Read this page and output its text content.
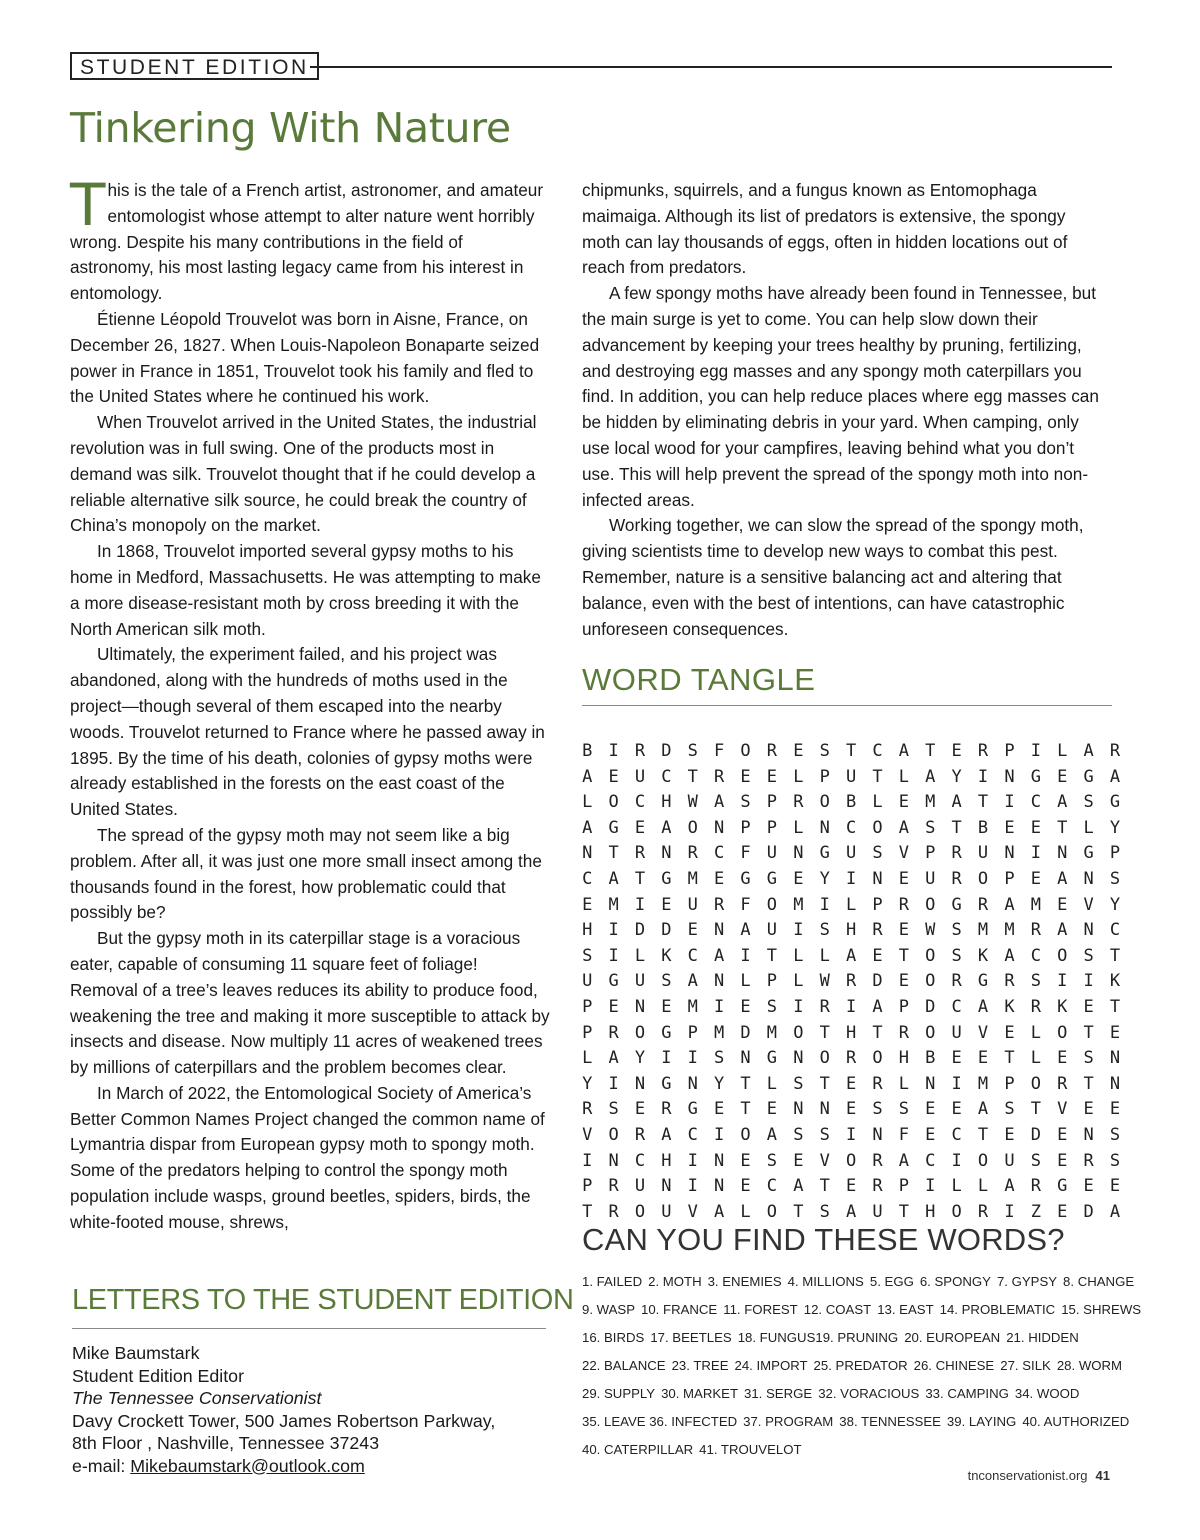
STUDENT EDITION
Tinkering With Nature

This is the tale of a French artist, astronomer, and amateur entomologist whose attempt to alter nature went horribly wrong. Despite his many contributions in the field of astronomy, his most lasting legacy came from his interest in entomology.

Étienne Léopold Trouvelot was born in Aisne, France, on December 26, 1827. When Louis-Napoleon Bonaparte seized power in France in 1851, Trouvelot took his family and fled to the United States where he continued his work.

When Trouvelot arrived in the United States, the industrial revolution was in full swing. One of the products most in demand was silk. Trouvelot thought that if he could develop a reliable alternative silk source, he could break the country of China’s monopoly on the market.

In 1868, Trouvelot imported several gypsy moths to his home in Medford, Massachusetts. He was attempting to make a more disease-resistant moth by cross breeding it with the North American silk moth.

Ultimately, the experiment failed, and his project was abandoned, along with the hundreds of moths used in the project—though several of them escaped into the nearby woods. Trouvelot returned to France where he passed away in 1895. By the time of his death, colonies of gypsy moths were already established in the forests on the east coast of the United States.

The spread of the gypsy moth may not seem like a big problem. After all, it was just one more small insect among the thousands found in the forest, how problematic could that possibly be?

But the gypsy moth in its caterpillar stage is a voracious eater, capable of consuming 11 square feet of foliage! Removal of a tree’s leaves reduces its ability to produce food, weakening the tree and making it more susceptible to attack by insects and disease. Now multiply 11 acres of weakened trees by millions of caterpillars and the problem becomes clear.

In March of 2022, the Entomological Society of America’s Better Common Names Project changed the common name of Lymantria dispar from European gypsy moth to spongy moth. Some of the predators helping to control the spongy moth population include wasps, ground beetles, spiders, birds, the white-footed mouse, shrews,

chipmunks, squirrels, and a fungus known as Entomophaga maimaiga. Although its list of predators is extensive, the spongy moth can lay thousands of eggs, often in hidden locations out of reach from predators.

A few spongy moths have already been found in Tennessee, but the main surge is yet to come. You can help slow down their advancement by keeping your trees healthy by pruning, fertilizing, and destroying egg masses and any spongy moth caterpillars you find. In addition, you can help reduce places where egg masses can be hidden by eliminating debris in your yard. When camping, only use local wood for your campfires, leaving behind what you don’t use. This will help prevent the spread of the spongy moth into non-infected areas.

Working together, we can slow the spread of the spongy moth, giving scientists time to develop new ways to combat this pest. Remember, nature is a sensitive balancing act and altering that balance, even with the best of intentions, can have catastrophic unforeseen consequences.

WORD TANGLE
B I R D S F O R E S T C A T E R P I L A R
A E U C T R E E L P U T L A Y I N G E G A
L O C H W A S P R O B L E M A T I C A S G
A G E A O N P P L N C O A S T B E E T L Y
N T R N R C F U N G U S V P R U N I N G P
C A T G M E G G E Y I N E U R O P E A N S
E M I E U R F O M I L P R O G R A M E V Y
H I D D E N A U I S H R E W S M M R A N C
S I L K C A I T L L A E T O S K A C O S T
U G U S A N L P L W R D E O R G R S I I K
P E N E M I E S I R I A P D C A K R K E T
P R O G P M D M O T H T R O U V E L O T E
L A Y I I S N G N O R O H B E E T L E S N
Y I N G N Y T L S T E R L N I M P O R T N
R S E R G E T E N N E S S E E A S T V E E
V O R A C I O A S S I N F E C T E D E N S
I N C H I N E S E V O R A C I O U S E R S
P R U N I N E C A T E R P I L L A R G E E
T R O U V A L O T S A U T H O R I Z E D A
CAN YOU FIND THESE WORDS?
1. FAILED 2. MOTH 3. ENEMIES 4. MILLIONS 5. EGG 6. SPONGY 7. GYPSY 8. CHANGE
9. WASP 10. FRANCE 11. FOREST 12. COAST 13. EAST 14. PROBLEMATIC 15. SHREWS
16. BIRDS 17. BEETLES 18. FUNGUS19. PRUNING 20. EUROPEAN 21. HIDDEN
22. BALANCE 23. TREE 24. IMPORT 25. PREDATOR 26. CHINESE 27. SILK 28. WORM
29. SUPPLY 30. MARKET 31. SERGE 32. VORACIOUS 33. CAMPING 34. WOOD
35. LEAVE 36. INFECTED 37. PROGRAM 38. TENNESSEE 39. LAYING 40. AUTHORIZED
40. CATERPILLAR 41. TROUVELOT
LETTERS TO THE STUDENT EDITION
Mike Baumstark
Student Edition Editor
The Tennessee Conservationist
Davy Crockett Tower, 500 James Robertson Parkway,
8th Floor , Nashville, Tennessee 37243
e-mail: Mikebaumstark@outlook.com	tnconservationist.org 41
